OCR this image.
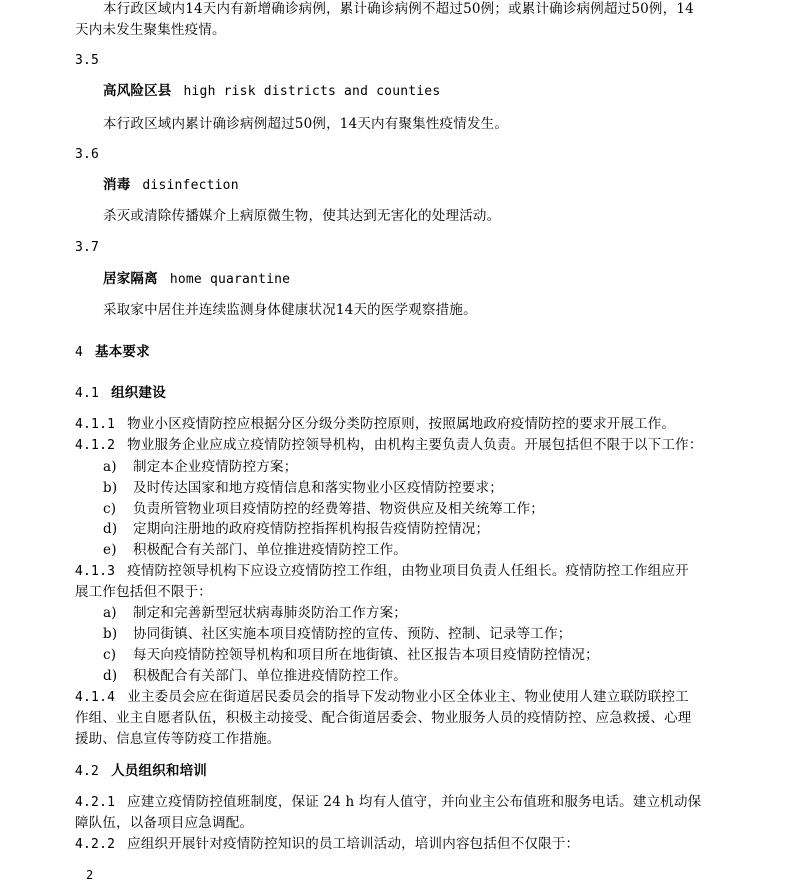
本行政区域内14天内有新增确诊病例，累计确诊病例不超过50例；或累计确诊病例超过50例，14
天内未发生聚集性疫情。
3.5
高风险区县 high risk districts and counties
本行政区域内累计确诊病例超过50例，14天内有聚集性疫情发生。
3.6
消毒 disinfection
杀灭或清除传播媒介上病原微生物，使其达到无害化的处理活动。
3.7
居家隔离 home quarantine
采取家中居住并连续监测身体健康状况14天的医学观察措施。
4 基本要求
4.1 组织建设
4.1.1 物业小区疫情防控应根据分区分级分类防控原则，按照属地政府疫情防控的要求开展工作。
4.1.2 物业服务企业应成立疫情防控领导机构，由机构主要负责人负责。开展包括但不限于以下工作：
a) 制定本企业疫情防控方案；
b) 及时传达国家和地方疫情信息和落实物业小区疫情防控要求；
c) 负责所管物业项目疫情防控的经费筹措、物资供应及相关统筹工作；
d) 定期向注册地的政府疫情防控指挥机构报告疫情防控情况；
e) 积极配合有关部门、单位推进疫情防控工作。
4.1.3 疫情防控领导机构下应设立疫情防控工作组，由物业项目负责人任组长。疫情防控工作组应开
展工作包括但不限于：
a) 制定和完善新型冠状病毒肺炎防治工作方案；
b) 协同街镇、社区实施本项目疫情防控的宣传、预防、控制、记录等工作；
c) 每天向疫情防控领导机构和项目所在地街镇、社区报告本项目疫情防控情况；
d) 积极配合有关部门、单位推进疫情防控工作。
4.1.4 业主委员会应在街道居民委员会的指导下发动物业小区全体业主、物业使用人建立联防联控工
作组、业主自愿者队伍，积极主动接受、配合街道居委会、物业服务人员的疫情防控、应急救援、心理
援助、信息宣传等防疫工作措施。
4.2 人员组织和培训
4.2.1 应建立疫情防控值班制度，保证 24 h 均有人值守，并向业主公布值班和服务电话。建立机动保
障队伍，以备项目应急调配。
4.2.2 应组织开展针对疫情防控知识的员工培训活动，培训内容包括但不仅限于：
2
